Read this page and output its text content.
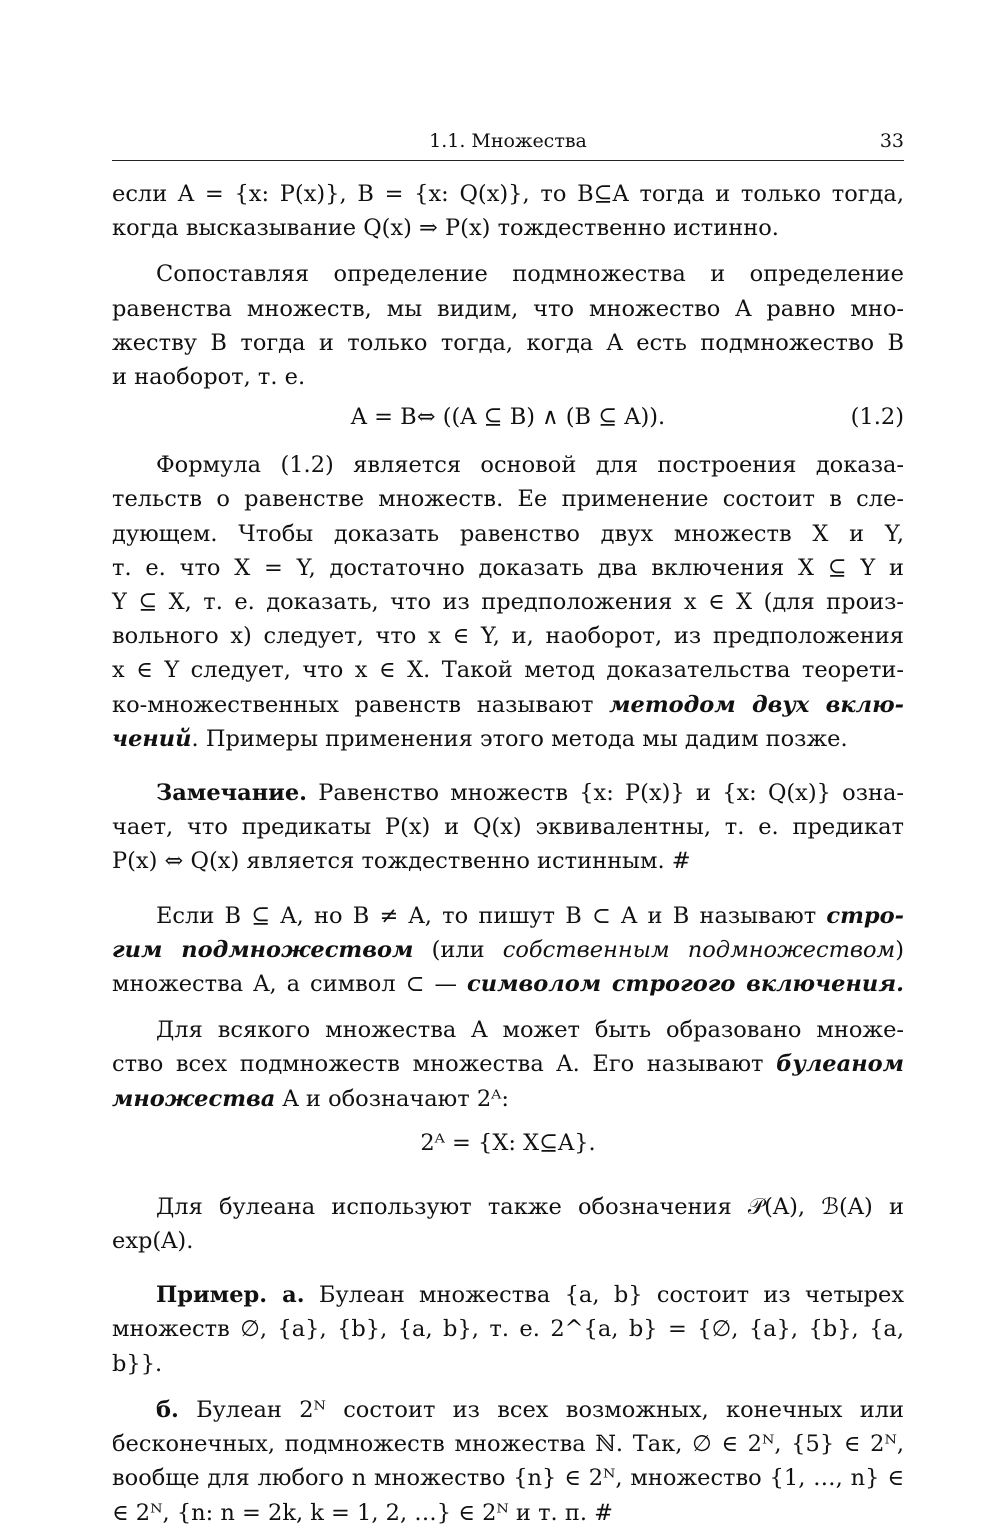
1.1. Множества	33
если A = {x: P(x)}, B = {x: Q(x)}, то B⊆A тогда и только тогда,
когда высказывание Q(x) ⇒ P(x) тождественно истинно.
Сопоставляя определение подмножества и определение
равенства множеств, мы видим, что множество A равно мно-
жеству B тогда и только тогда, когда A есть подмножество B
и наоборот, т. е.
A = B⇔ ((A ⊆ B) ∧ (B ⊆ A)).	(1.2)
Формула (1.2) является основой для построения доказа-
тельств о равенстве множеств. Ее применение состоит в сле-
дующем. Чтобы доказать равенство двух множеств X и Y,
т. е. что X = Y, достаточно доказать два включения X ⊆ Y и
Y ⊆ X, т. е. доказать, что из предположения x ∈ X (для произ-
вольного x) следует, что x ∈ Y, и, наоборот, из предположения
x ∈ Y следует, что x ∈ X. Такой метод доказательства теорети-
ко-множественных равенств называют методом двух вклю-
чений. Примеры применения этого метода мы дадим позже.
Замечание. Равенство множеств {x: P(x)} и {x: Q(x)} озна-
чает, что предикаты P(x) и Q(x) эквивалентны, т. е. предикат
P(x) ⇔ Q(x) является тождественно истинным. #
Если B ⊆ A, но B ≠ A, то пишут B ⊂ A и B называют стро-
гим подмножеством (или собственным подмножеством)
множества A, а символ ⊂ — символом строгого включения.
Для всякого множества A может быть образовано множе-
ство всех подмножеств множества A. Его называют булеаном
множества A и обозначают 2ᴬ:
2ᴬ = {X: X⊆A}.
Для булеана используют также обозначения 𝒫(A), ℬ(A) и
exp(A).
Пример. а. Булеан множества {a, b} состоит из четырех
множеств ∅, {a}, {b}, {a, b}, т. е. 2^{a, b} = {∅, {a}, {b}, {a, b}}.
б. Булеан 2ᴺ состоит из всех возможных, конечных или
бесконечных, подмножеств множества ℕ. Так, ∅ ∈ 2ᴺ, {5} ∈ 2ᴺ,
вообще для любого n множество {n} ∈ 2ᴺ, множество {1, …, n} ∈
∈ 2ᴺ, {n: n = 2k, k = 1, 2, …} ∈ 2ᴺ и т. п. #
